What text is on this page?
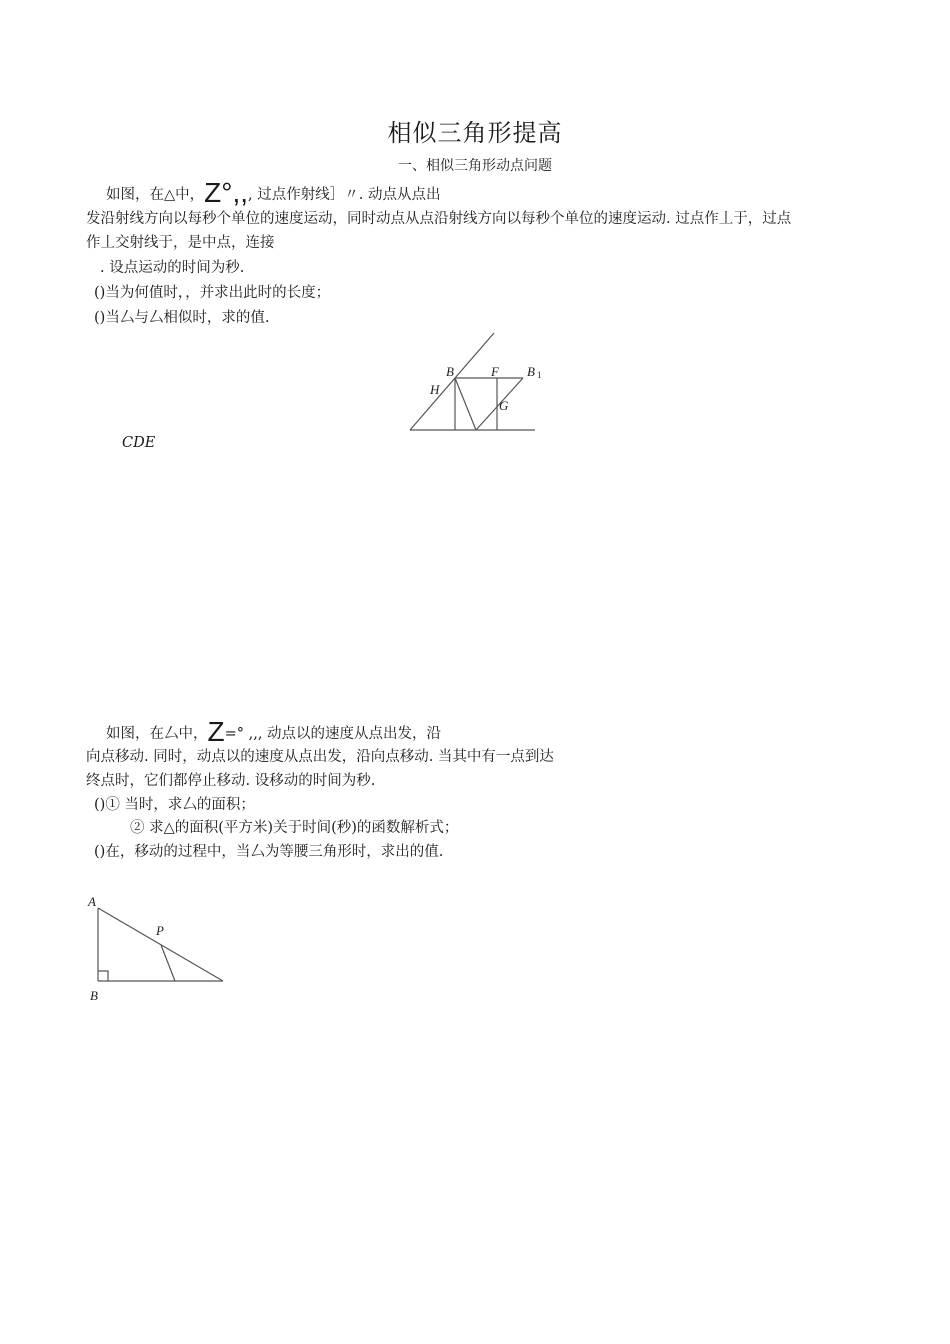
相似三角形提高
一、相似三角形动点问题
如图，在△中，Z°,,, 过点作射线］〃. 动点从点出
发沿射线方向以每秒个单位的速度运动，同时动点从点沿射线方向以每秒个单位的速度运动. 过点作丄于，过点
作丄交射线于，是中点，连接
. 设点运动的时间为秒.
()当为何值时，，并求出此时的长度；
()当厶与厶相似时，求的值.
B	F B 1
H
G
A
P
B
CDE
如图，在厶中，Z=° ,,, 动点以的速度从点出发，沿
向点移动. 同时，动点以的速度从点出发，沿向点移动. 当其中有一点到达
终点时，它们都停止移动. 设移动的时间为秒.
()① 当时，求厶的面积；
② 求△的面积(平方米)关于时间(秒)的函数解析式；
()在，移动的过程中，当厶为等腰三角形时，求出的值.
